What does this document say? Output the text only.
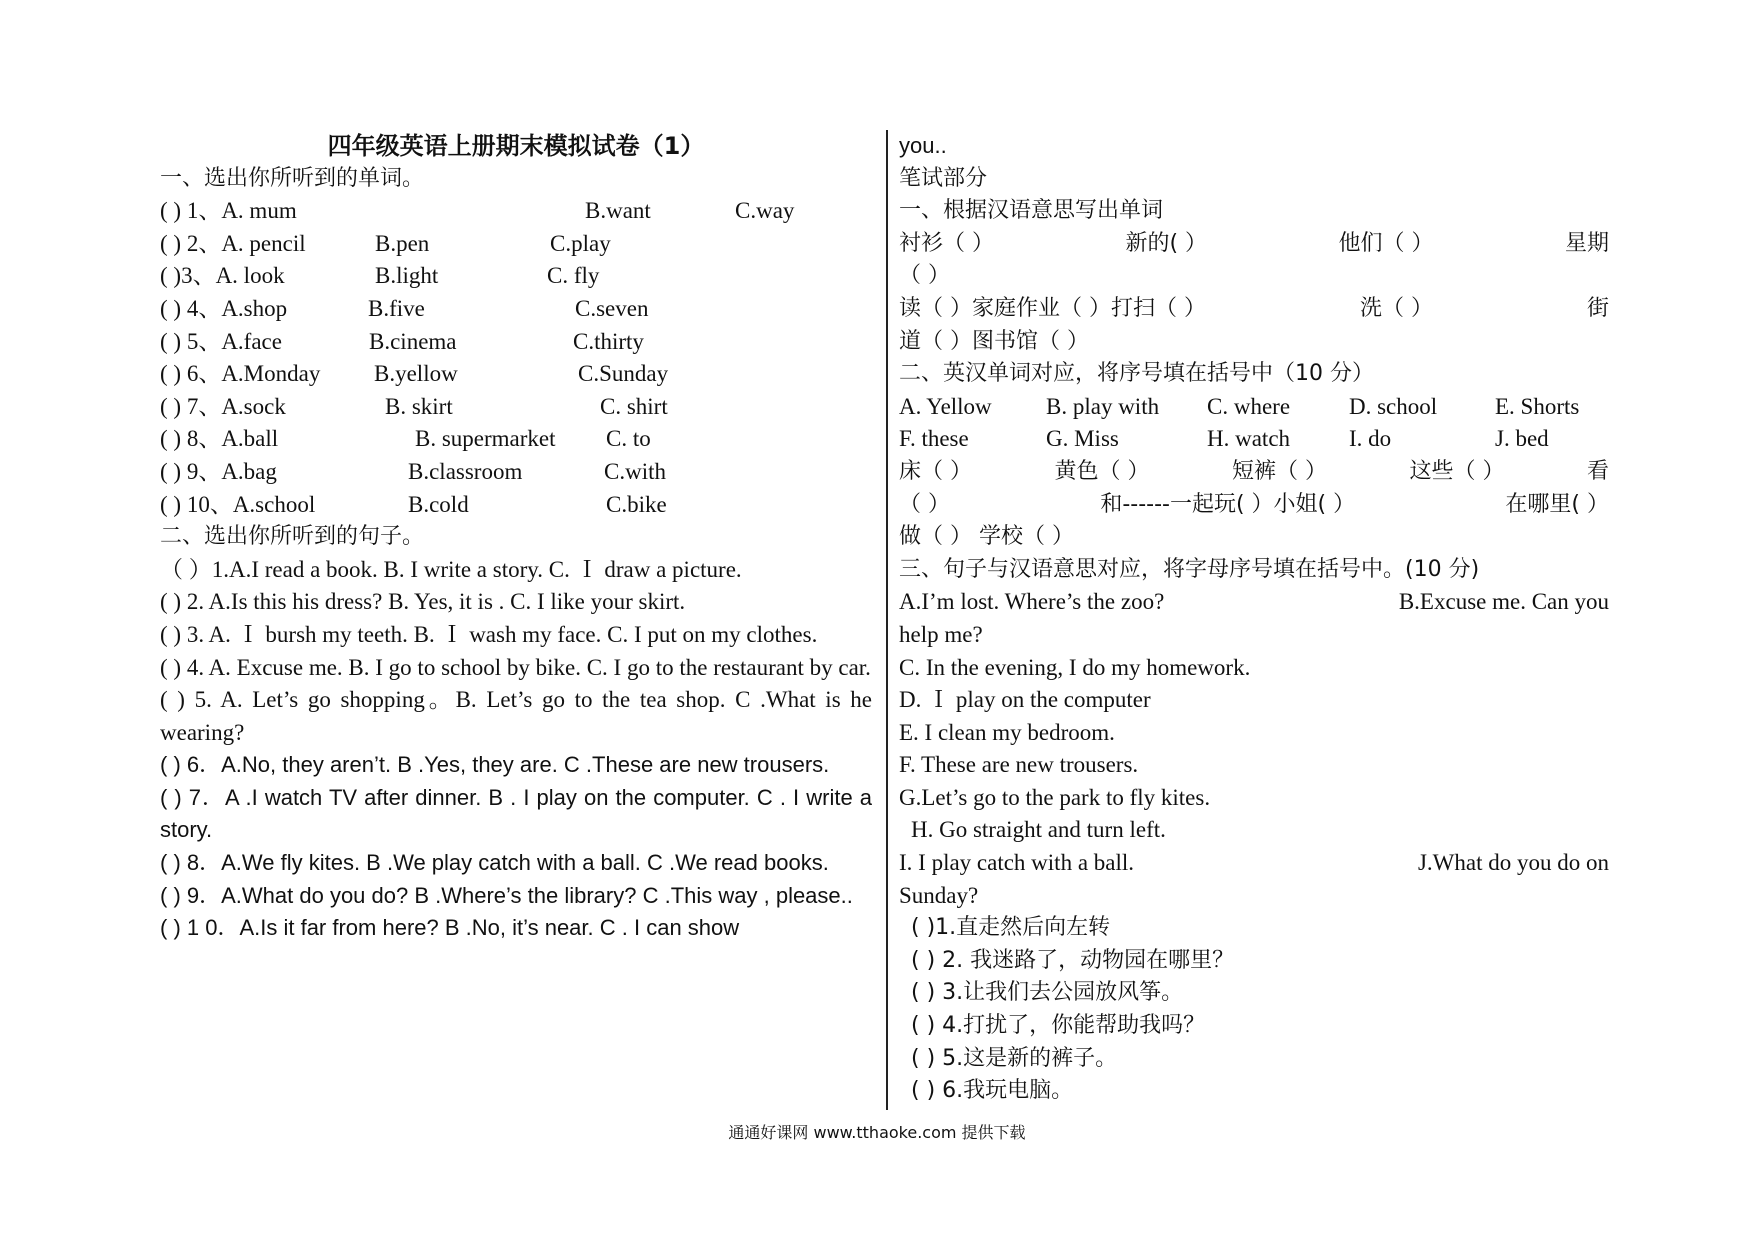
四年级英语上册期末模拟试卷（1）
一、选出你所听到的单词。
( ) 1、A. mum	B.want	C.way
( ) 2、A. pencil	B.pen	C.play
( )3、A. look	B.light	C. fly
( ) 4、A.shop	B.five	C.seven
( ) 5、A.face	B.cinema	C.thirty
( ) 6、A.Monday	B.yellow	C.Sunday
( ) 7、A.sock	B. skirt	C. shirt
( ) 8、A.ball	B. supermarket	C. to
( ) 9、A.bag	B.classroom	C.with
( ) 10、A.school	B.cold	C.bike
二、选出你所听到的句子。
（ ）1.A.I read a book. B. I write a story. C. Ｉ draw a picture.
( ) 2. A.Is this his dress? B. Yes, it is . C. I like your skirt.
( ) 3. A. Ｉ bursh my teeth. B. Ｉ wash my face. C. I put on my clothes.
( ) 4. A. Excuse me. B. I go to school by bike. C. I go to the restaurant by car.
( ) 5. A. Let’s go shopping。B. Let’s go to the tea shop. C .What is he wearing?
( ) 6．A.No, they aren’t. B .Yes, they are. C .These are new trousers.
( ) 7．A .I watch TV after dinner. B . I play on the computer. C . I write a story.
( ) 8．A.We fly kites. B .We play catch with a ball. C .We read books.
( ) 9．A.What do you do? B .Where’s the library? C .This way , please..
( ) 1 0．A.Is it far from here? B .No, it’s near. C . I can show
you..
笔试部分
一、根据汉语意思写出单词
衬衫（ ）	新的( ）	他们（ ）	星期
（ ）
读（ ）家庭作业（ ）打扫（ ）	洗（ ）	街
道（ ）图书馆（ ）
二、英汉单词对应，将序号填在括号中（10 分）
A. Yellow	B. play with	C. where	D. school	E. Shorts
F. these	G. Miss	H. watch	I. do	J. bed
床（ ）	黄色（ ）	短裤（ ）	这些（ ）	看
（ ）	和------一起玩( ）小姐( ）	在哪里( ）
做（ ） 学校（ ）
三、句子与汉语意思对应，将字母序号填在括号中。(10 分)
A.I’m lost. Where’s the zoo?	B.Excuse me. Can you
help me?
C. In the evening, I do my homework.
D. Ｉ play on the computer
E. I clean my bedroom.
F. These are new trousers.
G.Let’s go to the park to fly kites.
H. Go straight and turn left.
I. I play catch with a ball.	J.What do you do on
Sunday?
( )1.直走然后向左转
( ) 2. 我迷路了，动物园在哪里？
( ) 3.让我们去公园放风筝。
( ) 4.打扰了，你能帮助我吗？
( ) 5.这是新的裤子。
( ) 6.我玩电脑。
通通好课网 www.tthaoke.com 提供下载
